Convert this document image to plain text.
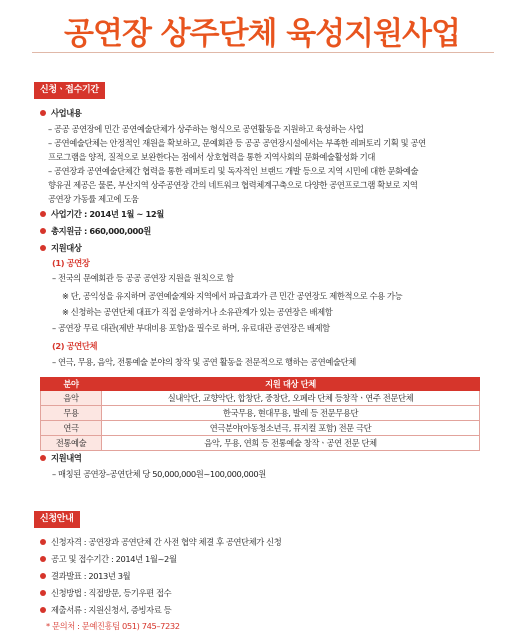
공연장 상주단체 육성지원사업
신청ㆍ접수기간
사업내용
– 공공 공연장에 민간 공연예술단체가 상주하는 형식으로 공연활동을 지원하고 육성하는 사업
– 공연예술단체는 안정적인 재원을 확보하고, 문예회관 등 공공 공연장시설에서는 부족한 레퍼토리 기획 및 공연
프로그램을 양적, 질적으로 보완한다는 점에서 상호협력을 통한 지역사회의 문화예술활성화 기대
– 공연장과 공연예술단체간 협력을 통한 레퍼토리 및 독자적인 브랜드 개발 등으로 지역 시민에 대한 문화예술
향유권 제공은 물론, 부산지역 상주공연장 간의 네트워크 협력체계구축으로 다양한 공연프로그램 확보로 지역
공연장 가동률 제고에 도움
사업기간 : 2014년 1월 ~ 12월
총지원금 : 660,000,000원
지원대상
(1) 공연장
– 전국의 문예회관 등 공공 공연장 지원을 원칙으로 함
※ 단, 공익성을 유지하며 공연예술계와 지역에서 파급효과가 큰 민간 공연장도 제한적으로 수용 가능
※ 신청하는 공연단체 대표가 직접 운영하거나 소유관계가 있는 공연장은 배제함
– 공연장 무료 대관(제반 부대비용 포함)을 필수로 하며, 유료대관 공연장은 배제함
(2) 공연단체
– 연극, 무용, 음악, 전통예술 분야의 창작 및 공연 활동을 전문적으로 행하는 공연예술단체
분야	지원 대상 단체
음악	실내악단, 교향악단, 합창단, 중창단, 오페라 단체 등창작ㆍ연주 전문단체
무용	한국무용, 현대무용, 발레 등 전문무용단
연극	연극분야(아동청소년극, 뮤지컬 포함) 전문 극단
전통예술	음악, 무용, 연희 등 전통예술 창작ㆍ공연 전문 단체
지원내역
– 매칭된 공연장–공연단체 당 50,000,000원~100,000,000원
신청안내
신청자격 : 공연장과 공연단체 간 사전 협약 체결 후 공연단체가 신청
공고 및 접수기간 : 2014년 1월~2월
결과발표 : 2013년 3월
신청방법 : 직접방문, 등기우편 접수
제출서류 : 지원신청서, 증빙자료 등
* 문의처 : 문예진흥팀 051) 745–7232
